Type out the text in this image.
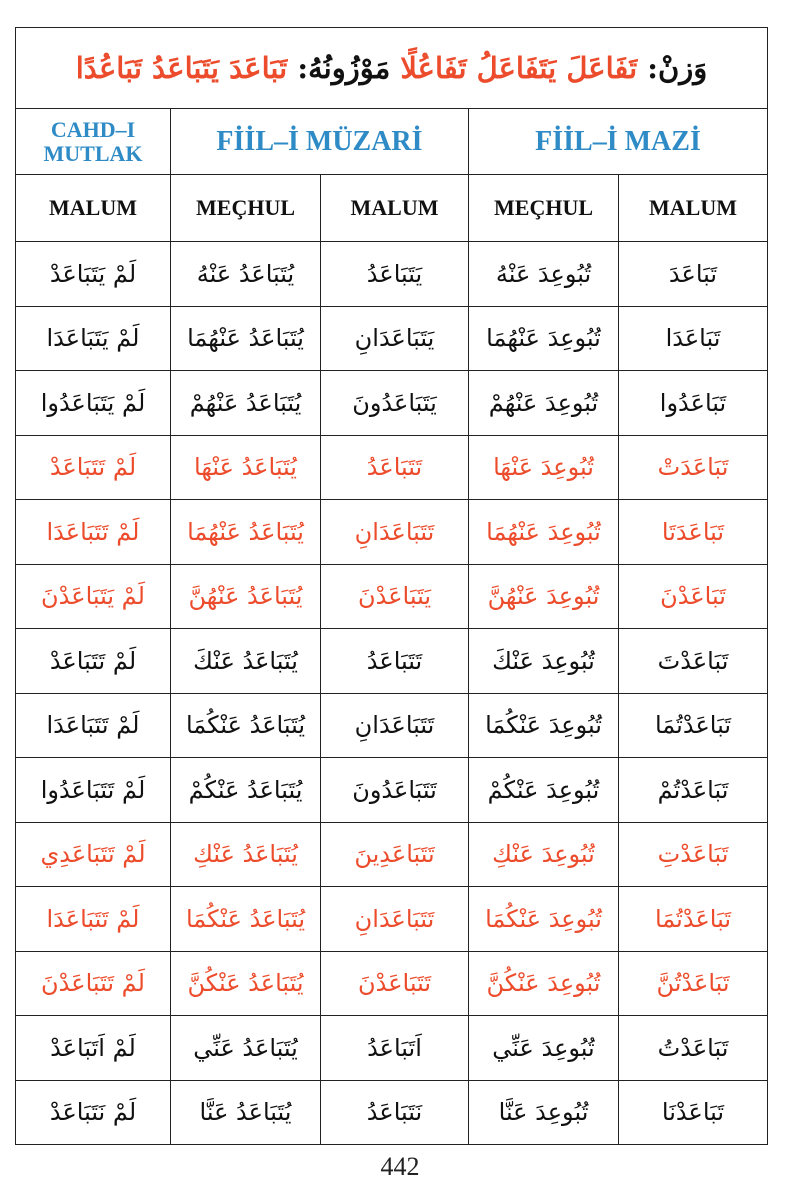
وَزنْ: تَفَاعَلَ يَتَفَاعَلُ تَفَاعُلًا مَوْزُونُهُ: تَبَاعَدَ يَتَبَاعَدُ تَبَاعُدًا				
CAHD–I MUTLAK	FİİL–İ MÜZARİ		FİİL–İ MAZİ	
MALUM	MEÇHUL	MALUM	MEÇHUL	MALUM
لَمْ يَتَبَاعَدْ	يُتَبَاعَدُ عَنْهُ	يَتَبَاعَدُ	تُبُوعِدَ عَنْهُ	تَبَاعَدَ
لَمْ يَتَبَاعَدَا	يُتَبَاعَدُ عَنْهُمَا	يَتَبَاعَدَانِ	تُبُوعِدَ عَنْهُمَا	تَبَاعَدَا
لَمْ يَتَبَاعَدُوا	يُتَبَاعَدُ عَنْهُمْ	يَتَبَاعَدُونَ	تُبُوعِدَ عَنْهُمْ	تَبَاعَدُوا
لَمْ تَتَبَاعَدْ	يُتَبَاعَدُ عَنْهَا	تَتَبَاعَدُ	تُبُوعِدَ عَنْهَا	تَبَاعَدَتْ
لَمْ تَتَبَاعَدَا	يُتَبَاعَدُ عَنْهُمَا	تَتَبَاعَدَانِ	تُبُوعِدَ عَنْهُمَا	تَبَاعَدَتَا
لَمْ يَتَبَاعَدْنَ	يُتَبَاعَدُ عَنْهُنَّ	يَتَبَاعَدْنَ	تُبُوعِدَ عَنْهُنَّ	تَبَاعَدْنَ
لَمْ تَتَبَاعَدْ	يُتَبَاعَدُ عَنْكَ	تَتَبَاعَدُ	تُبُوعِدَ عَنْكَ	تَبَاعَدْتَ
لَمْ تَتَبَاعَدَا	يُتَبَاعَدُ عَنْكُمَا	تَتَبَاعَدَانِ	تُبُوعِدَ عَنْكُمَا	تَبَاعَدْتُمَا
لَمْ تَتَبَاعَدُوا	يُتَبَاعَدُ عَنْكُمْ	تَتَبَاعَدُونَ	تُبُوعِدَ عَنْكُمْ	تَبَاعَدْتُمْ
لَمْ تَتَبَاعَدِي	يُتَبَاعَدُ عَنْكِ	تَتَبَاعَدِينَ	تُبُوعِدَ عَنْكِ	تَبَاعَدْتِ
لَمْ تَتَبَاعَدَا	يُتَبَاعَدُ عَنْكُمَا	تَتَبَاعَدَانِ	تُبُوعِدَ عَنْكُمَا	تَبَاعَدْتُمَا
لَمْ تَتَبَاعَدْنَ	يُتَبَاعَدُ عَنْكُنَّ	تَتَبَاعَدْنَ	تُبُوعِدَ عَنْكُنَّ	تَبَاعَدْتُنَّ
لَمْ اَتَبَاعَدْ	يُتَبَاعَدُ عَنِّي	اَتَبَاعَدُ	تُبُوعِدَ عَنِّي	تَبَاعَدْتُ
لَمْ نَتَبَاعَدْ	يُتَبَاعَدُ عَنَّا	نَتَبَاعَدُ	تُبُوعِدَ عَنَّا	تَبَاعَدْنَا
442
